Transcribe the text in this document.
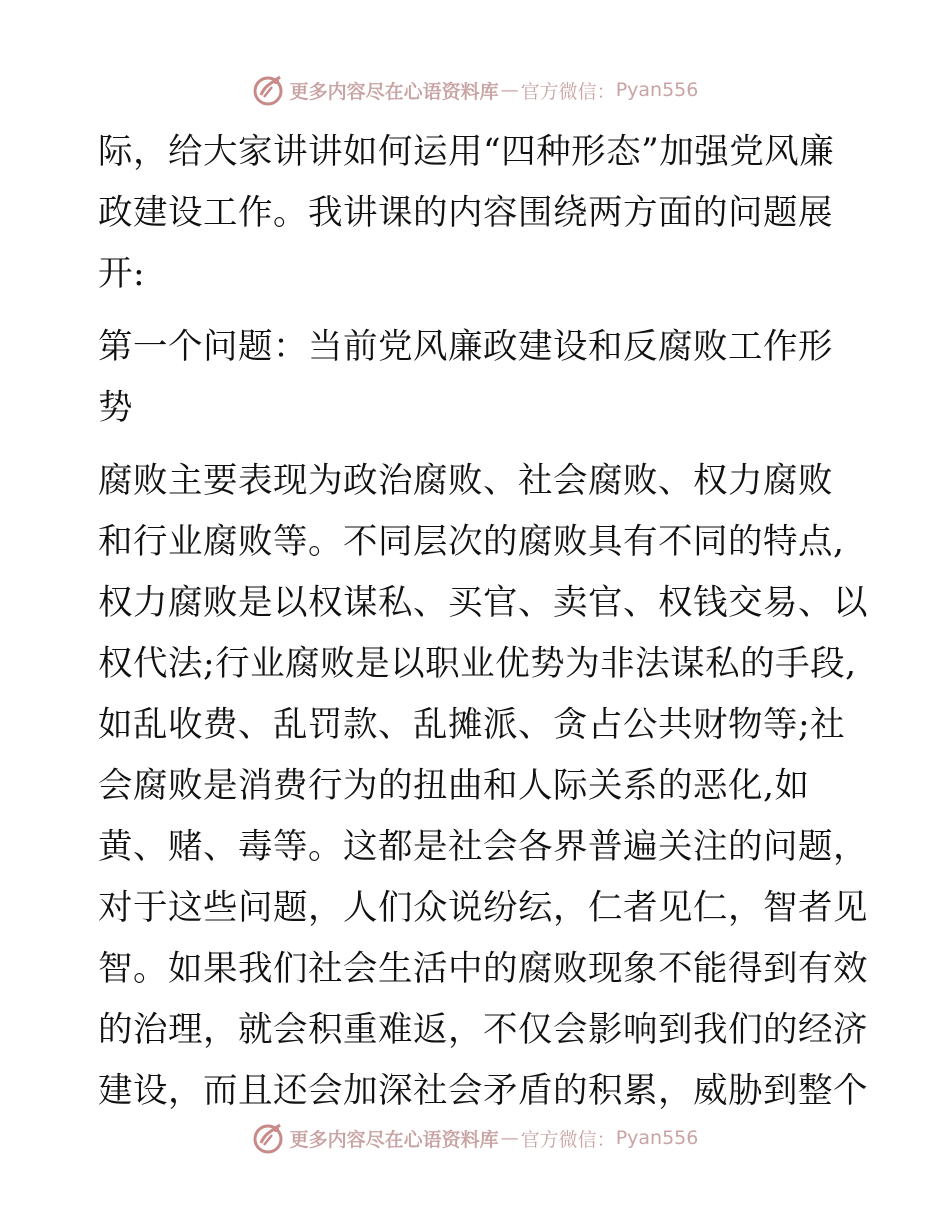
更多内容尽在心语资料库 — 官方微信： Pyan556
际，给大家讲讲如何运用“四种形态”加强党风廉
政建设工作。我讲课的内容围绕两方面的问题展
开:
第一个问题：当前党风廉政建设和反腐败工作形
势
腐败主要表现为政治腐败、社会腐败、权力腐败
和行业腐败等。不同层次的腐败具有不同的特点,
权力腐败是以权谋私、买官、卖官、权钱交易、以
权代法;行业腐败是以职业优势为非法谋私的手段,
如乱收费、乱罚款、乱摊派、贪占公共财物等;社
会腐败是消费行为的扭曲和人际关系的恶化,如
黄、赌、毒等。这都是社会各界普遍关注的问题，
对于这些问题，人们众说纷纭，仁者见仁，智者见
智。如果我们社会生活中的腐败现象不能得到有效
的治理，就会积重难返，不仅会影响到我们的经济
建设，而且还会加深社会矛盾的积累，威胁到整个
更多内容尽在心语资料库 — 官方微信： Pyan556
